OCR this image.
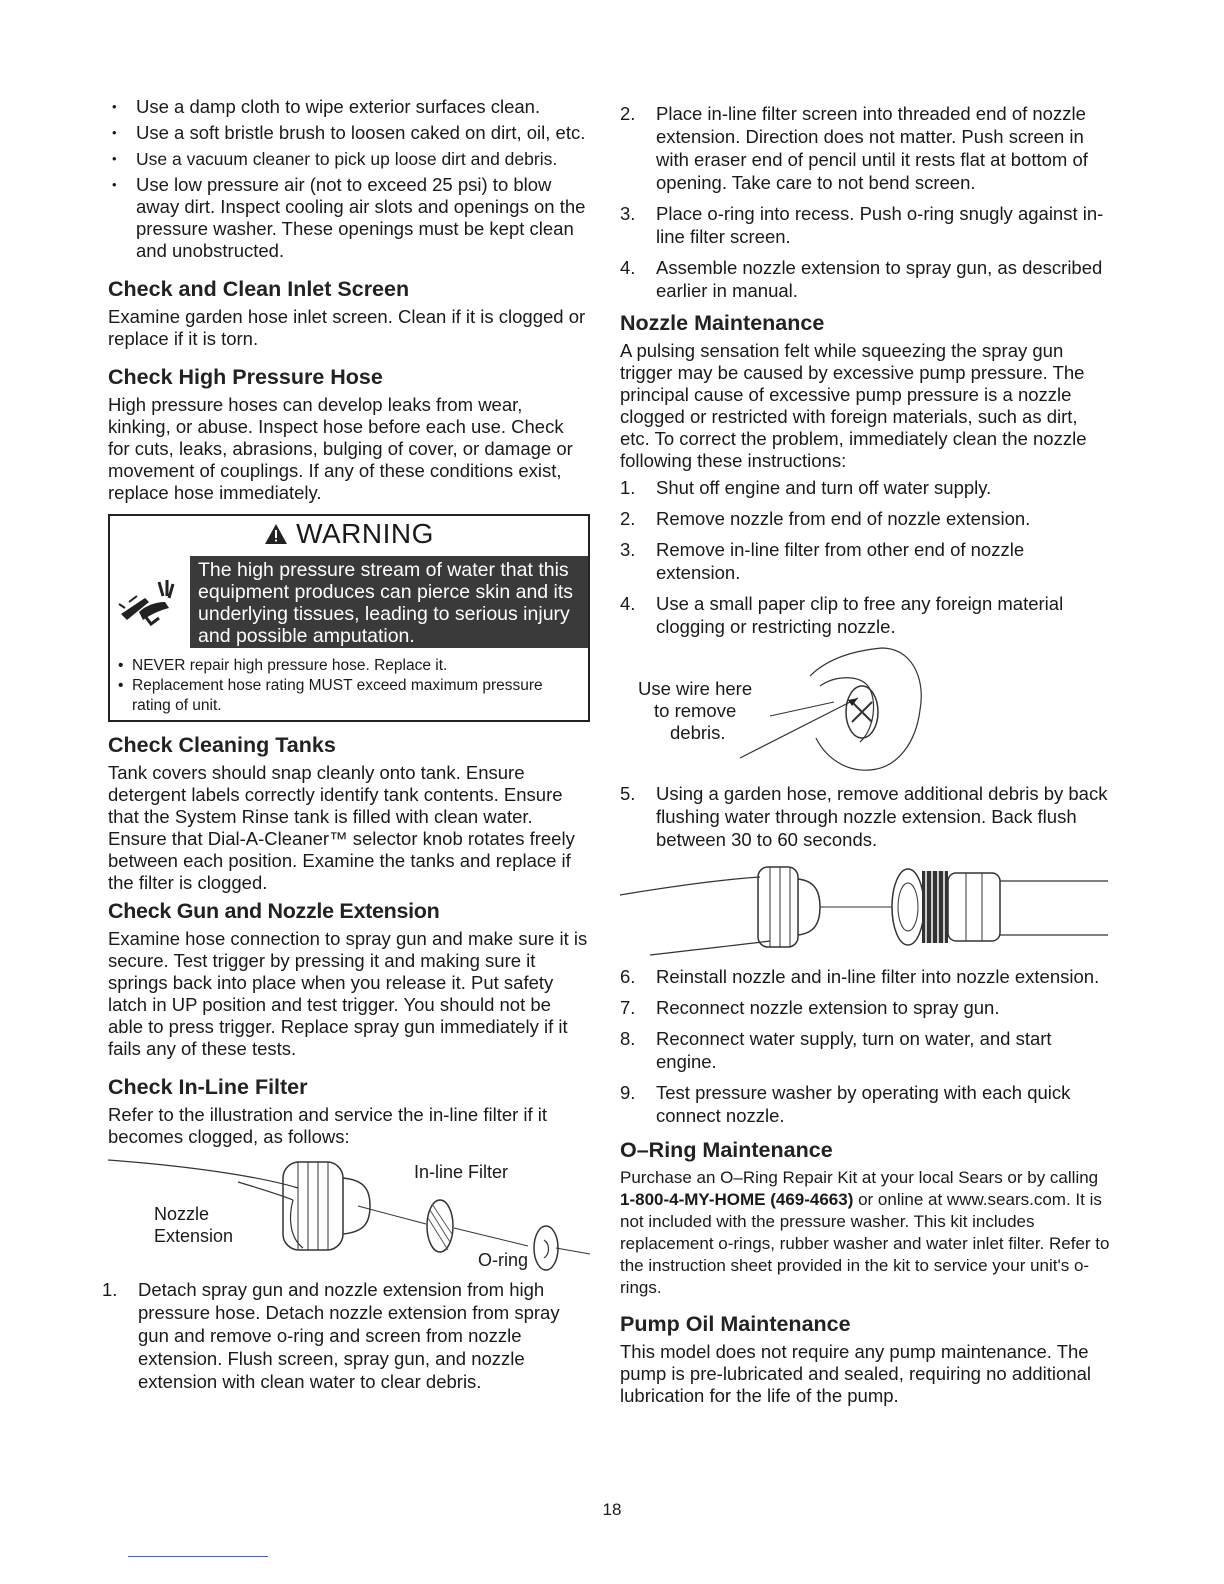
• Use a damp cloth to wipe exterior surfaces clean.
• Use a soft bristle brush to loosen caked on dirt, oil, etc.
• Use a vacuum cleaner to pick up loose dirt and debris.
• Use low pressure air (not to exceed 25 psi) to blow away dirt. Inspect cooling air slots and openings on the pressure washer. These openings must be kept clean and unobstructed.
Check and Clean Inlet Screen

Examine garden hose inlet screen. Clean if it is clogged or replace if it is torn.

Check High Pressure Hose

High pressure hoses can develop leaks from wear, kinking, or abuse. Inspect hose before each use. Check for cuts, leaks, abrasions, bulging of cover, or damage or movement of couplings. If any of these conditions exist, replace hose immediately.

WARNING
The high pressure stream of water that this equipment produces can pierce skin and its underlying tissues, leading to serious injury and possible amputation.
• NEVER repair high pressure hose. Replace it.
• Replacement hose rating MUST exceed maximum pressure rating of unit.
Check Cleaning Tanks

Tank covers should snap cleanly onto tank. Ensure detergent labels correctly identify tank contents. Ensure that the System Rinse tank is filled with clean water. Ensure that Dial-A-Cleaner™ selector knob rotates freely between each position. Examine the tanks and replace if the filter is clogged.

Check Gun and Nozzle Extension

Examine hose connection to spray gun and make sure it is secure. Test trigger by pressing it and making sure it springs back into place when you release it. Put safety latch in UP position and test trigger. You should not be able to press trigger. Replace spray gun immediately if it fails any of these tests.

Check In-Line Filter

Refer to the illustration and service the in-line filter if it becomes clogged, as follows:

In-line Filter
Nozzle
Extension
O-ring
1.	Detach spray gun and nozzle extension from high pressure hose. Detach nozzle extension from spray gun and remove o-ring and screen from nozzle extension. Flush screen, spray gun, and nozzle extension with clean water to clear debris.
2.	Place in-line filter screen into threaded end of nozzle extension. Direction does not matter. Push screen in with eraser end of pencil until it rests flat at bottom of opening. Take care to not bend screen.
3.	Place o-ring into recess. Push o-ring snugly against in-line filter screen.
4.	Assemble nozzle extension to spray gun, as described earlier in manual.
Nozzle Maintenance

A pulsing sensation felt while squeezing the spray gun trigger may be caused by excessive pump pressure. The principal cause of excessive pump pressure is a nozzle clogged or restricted with foreign materials, such as dirt, etc. To correct the problem, immediately clean the nozzle following these instructions:

1.	Shut off engine and turn off water supply.
2.	Remove nozzle from end of nozzle extension.
3.	Remove in-line filter from other end of nozzle extension.
4.	Use a small paper clip to free any foreign material clogging or restricting nozzle.
Use wire here
to remove
debris.
5.	Using a garden hose, remove additional debris by back flushing water through nozzle extension. Back flush between 30 to 60 seconds.
6.	Reinstall nozzle and in-line filter into nozzle extension.
7.	Reconnect nozzle extension to spray gun.
8.	Reconnect water supply, turn on water, and start engine.
9.	Test pressure washer by operating with each quick connect nozzle.
O–Ring Maintenance

Purchase an O–Ring Repair Kit at your local Sears or by calling 1-800-4-MY-HOME (469-4663) or online at www.sears.com. It is not included with the pressure washer. This kit includes replacement o-rings, rubber washer and water inlet filter. Refer to the instruction sheet provided in the kit to service your unit's o-rings.

Pump Oil Maintenance

This model does not require any pump maintenance. The pump is pre-lubricated and sealed, requiring no additional lubrication for the life of the pump.

18
